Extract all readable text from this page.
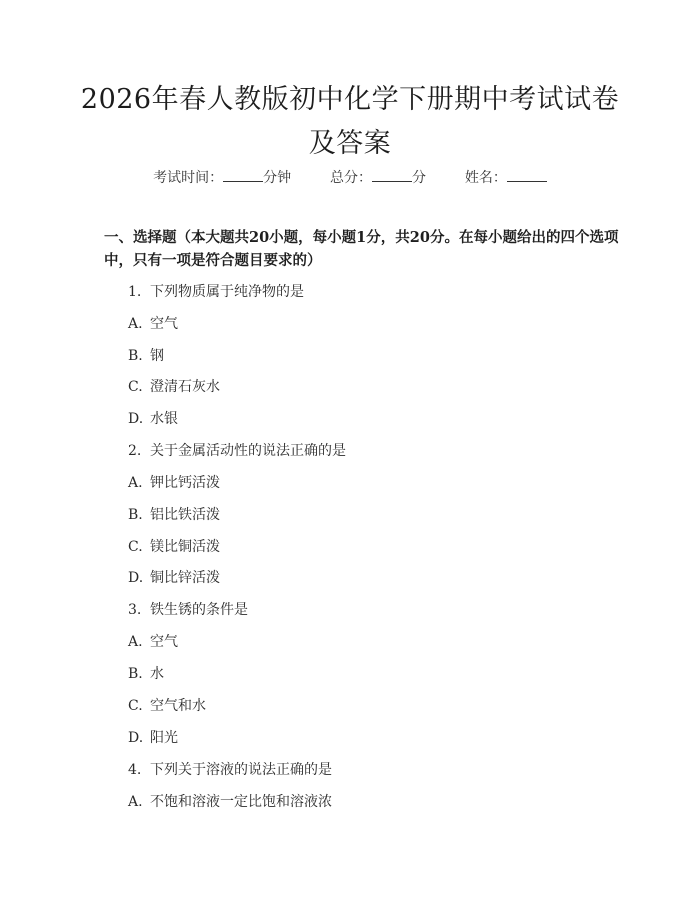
2026年春人教版初中化学下册期中考试试卷
及答案
考试时间：	分钟	总分：	分	姓名：
一、选择题（本大题共20小题，每小题1分，共20分。在每小题给出的四个选项中，只有一项是符合题目要求的）
1. 下列物质属于纯净物的是
A. 空气
B. 钢
C. 澄清石灰水
D. 水银
2. 关于金属活动性的说法正确的是
A. 钾比钙活泼
B. 铝比铁活泼
C. 镁比铜活泼
D. 铜比锌活泼
3. 铁生锈的条件是
A. 空气
B. 水
C. 空气和水
D. 阳光
4. 下列关于溶液的说法正确的是
A. 不饱和溶液一定比饱和溶液浓
